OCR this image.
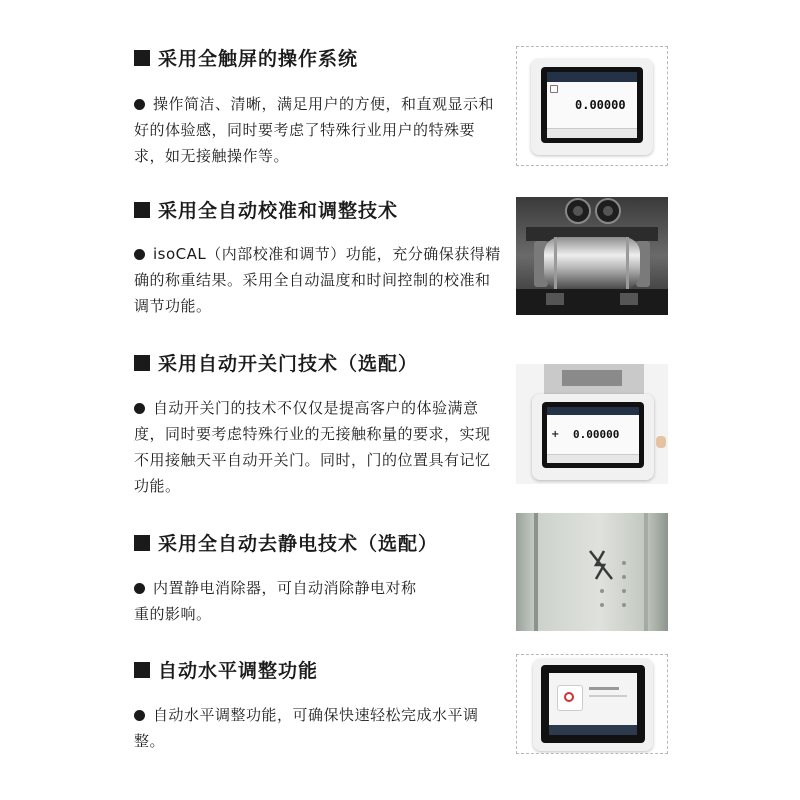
采用全触屏的操作系统
操作简洁、清晰，满足用户的方便，和直观显示和
好的体验感，同时要考虑了特殊行业用户的特殊要
求，如无接触操作等。
0.00000
采用全自动校准和调整技术
isoCAL（内部校准和调节）功能，充分确保获得精
确的称重结果。采用全自动温度和时间控制的校准和
调节功能。
采用自动开关门技术（选配）
自动开关门的技术不仅仅是提高客户的体验满意
度，同时要考虑特殊行业的无接触称量的要求，实现
不用接触天平自动开关门。同时，门的位置具有记忆
功能。
+ 0.00000
采用全自动去静电技术（选配）
内置静电消除器，可自动消除静电对称
重的影响。
自动水平调整功能
自动水平调整功能，可确保快速轻松完成水平调
整。
